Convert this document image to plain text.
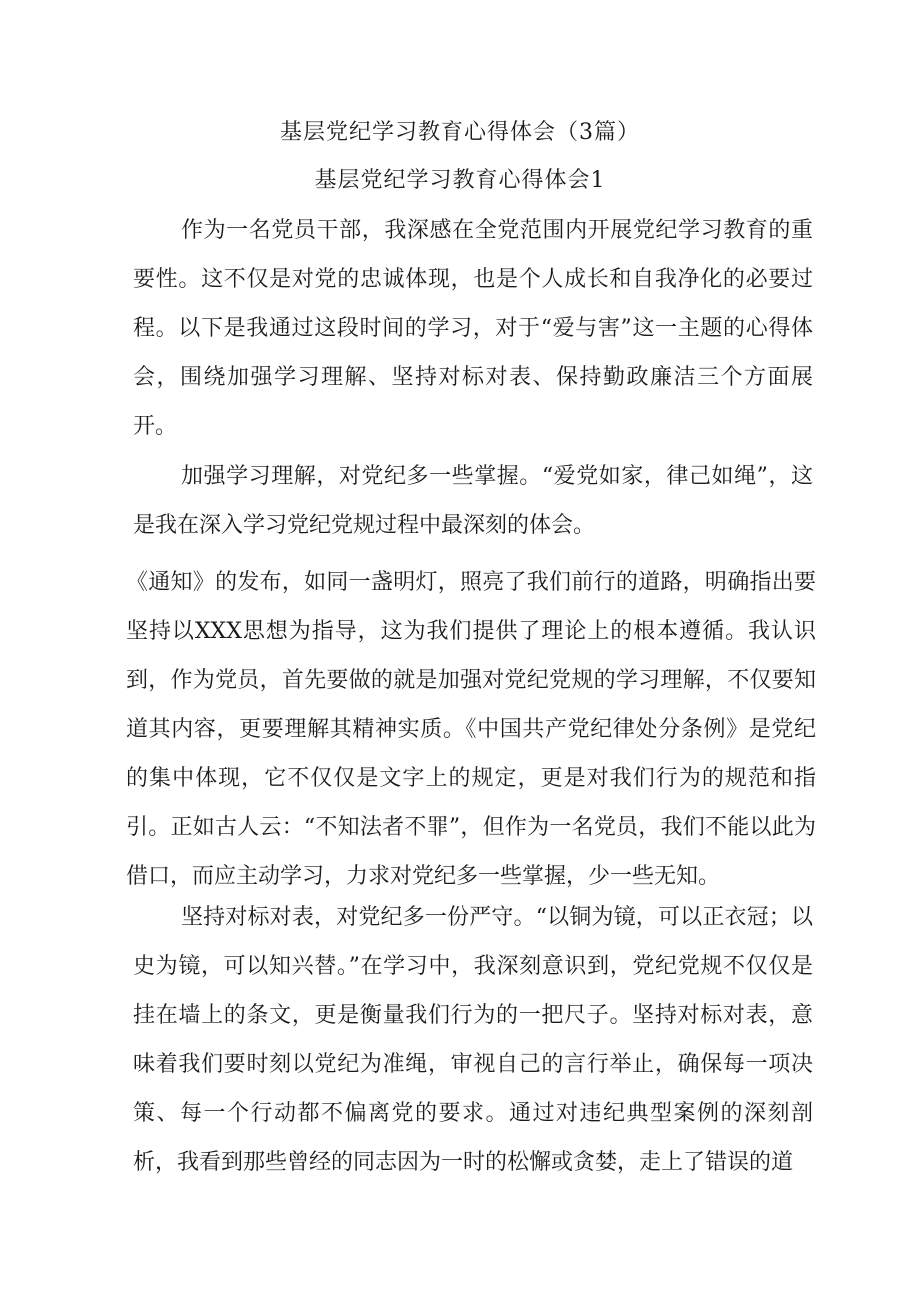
基层党纪学习教育心得体会（3篇）
基层党纪学习教育心得体会1

作为一名党员干部，我深感在全党范围内开展党纪学习教育的重要性。这不仅是对党的忠诚体现，也是个人成长和自我净化的必要过程。以下是我通过这段时间的学习，对于“爱与害”这一主题的心得体会，围绕加强学习理解、坚持对标对表、保持勤政廉洁三个方面展开。

加强学习理解，对党纪多一些掌握。“爱党如家，律己如绳”，这是我在深入学习党纪党规过程中最深刻的体会。

《通知》的发布，如同一盏明灯，照亮了我们前行的道路，明确指出要坚持以XXX思想为指导，这为我们提供了理论上的根本遵循。我认识到，作为党员，首先要做的就是加强对党纪党规的学习理解，不仅要知道其内容，更要理解其精神实质。《中国共产党纪律处分条例》是党纪的集中体现，它不仅仅是文字上的规定，更是对我们行为的规范和指引。正如古人云：“不知法者不罪”，但作为一名党员，我们不能以此为借口，而应主动学习，力求对党纪多一些掌握，少一些无知。

坚持对标对表，对党纪多一份严守。“以铜为镜，可以正衣冠；以史为镜，可以知兴替。”在学习中，我深刻意识到，党纪党规不仅仅是挂在墙上的条文，更是衡量我们行为的一把尺子。坚持对标对表，意味着我们要时刻以党纪为准绳，审视自己的言行举止，确保每一项决策、每一个行动都不偏离党的要求。通过对违纪典型案例的深刻剖析，我看到那些曾经的同志因为一时的松懈或贪婪，走上了错误的道
